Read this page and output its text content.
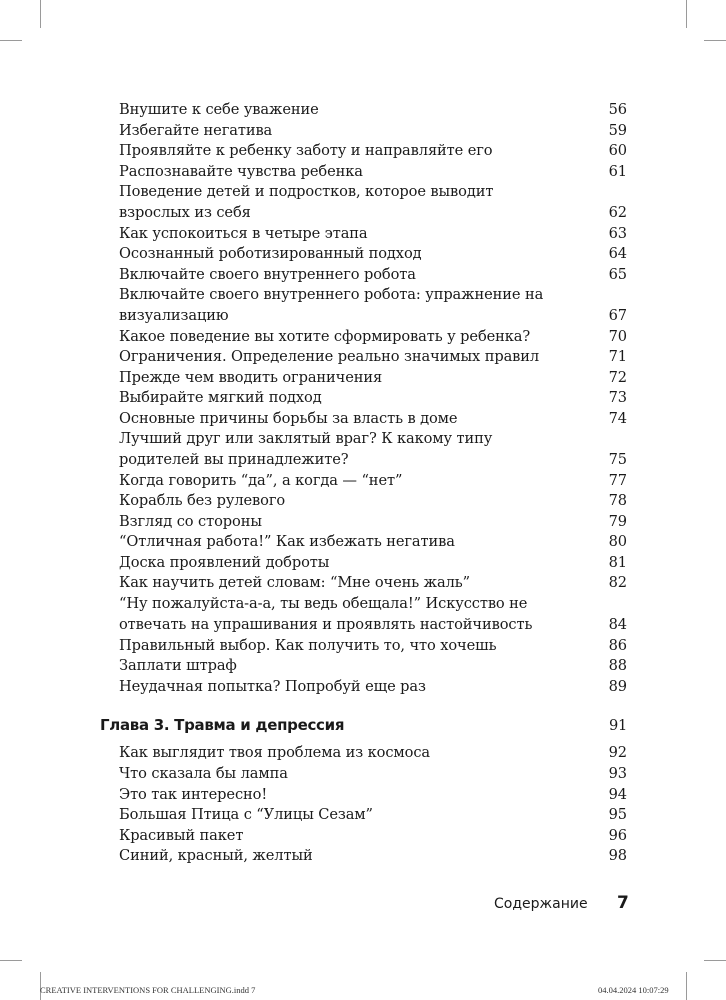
Внушите к себе уважение	56
Избегайте негатива	59
Проявляйте к ребенку заботу и направляйте его	60
Распознавайте чувства ребенка	61
Поведение детей и подростков, которое выводит взрослых из себя	62
Как успокоиться в четыре этапа	63
Осознанный роботизированный подход	64
Включайте своего внутреннего робота	65
Включайте своего внутреннего робота: упражнение на визуализацию	67
Какое поведение вы хотите сформировать у ребенка?	70
Ограничения. Определение реально значимых правил	71
Прежде чем вводить ограничения	72
Выбирайте мягкий подход	73
Основные причины борьбы за власть в доме	74
Лучший друг или заклятый враг? К какому типу родителей вы принадлежите?	75
Когда говорить “да”, а когда — “нет”	77
Корабль без рулевого	78
Взгляд со стороны	79
“Отличная работа!” Как избежать негатива	80
Доска проявлений доброты	81
Как научить детей словам: “Мне очень жаль”	82
“Ну пожалуйста-а-а, ты ведь обещала!” Искусство не отвечать на упрашивания и проявлять настойчивость	84
Правильный выбор. Как получить то, что хочешь	86
Заплати штраф	88
Неудачная попытка? Попробуй еще раз	89
Глава 3. Травма и депрессия	91
Как выглядит твоя проблема из космоса	92
Что сказала бы лампа	93
Это так интересно!	94
Большая Птица с “Улицы Сезам”	95
Красивый пакет	96
Синий, красный, желтый	98
Содержание 7
CREATIVE INTERVENTIONS FOR CHALLENGING.indd 7	04.04.2024 10:07:29
